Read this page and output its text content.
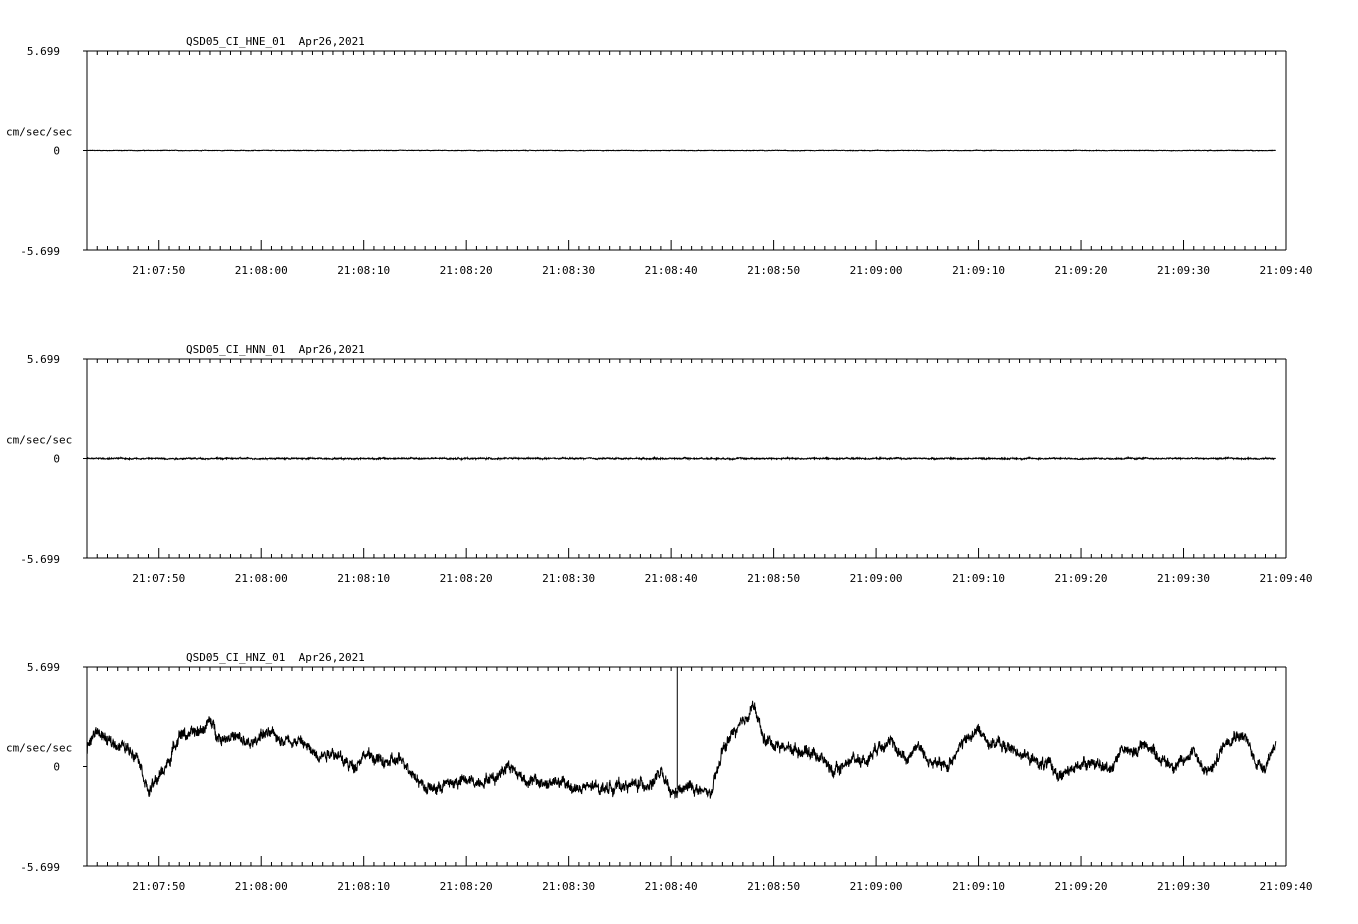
QSD05_CI_HNE_01  Apr26,2021
5.699
0
-5.699
cm/sec/sec
21:07:50	21:08:00	21:08:10	21:08:20	21:08:30	21:08:40	21:08:50	21:09:00	21:09:10	21:09:20	21:09:30	21:09:40
QSD05_CI_HNN_01  Apr26,2021
5.699
0
-5.699
cm/sec/sec
21:07:50	21:08:00	21:08:10	21:08:20	21:08:30	21:08:40	21:08:50	21:09:00	21:09:10	21:09:20	21:09:30	21:09:40
QSD05_CI_HNZ_01  Apr26,2021
5.699
0
-5.699
cm/sec/sec
21:07:50	21:08:00	21:08:10	21:08:20	21:08:30	21:08:40	21:08:50	21:09:00	21:09:10	21:09:20	21:09:30	21:09:40
